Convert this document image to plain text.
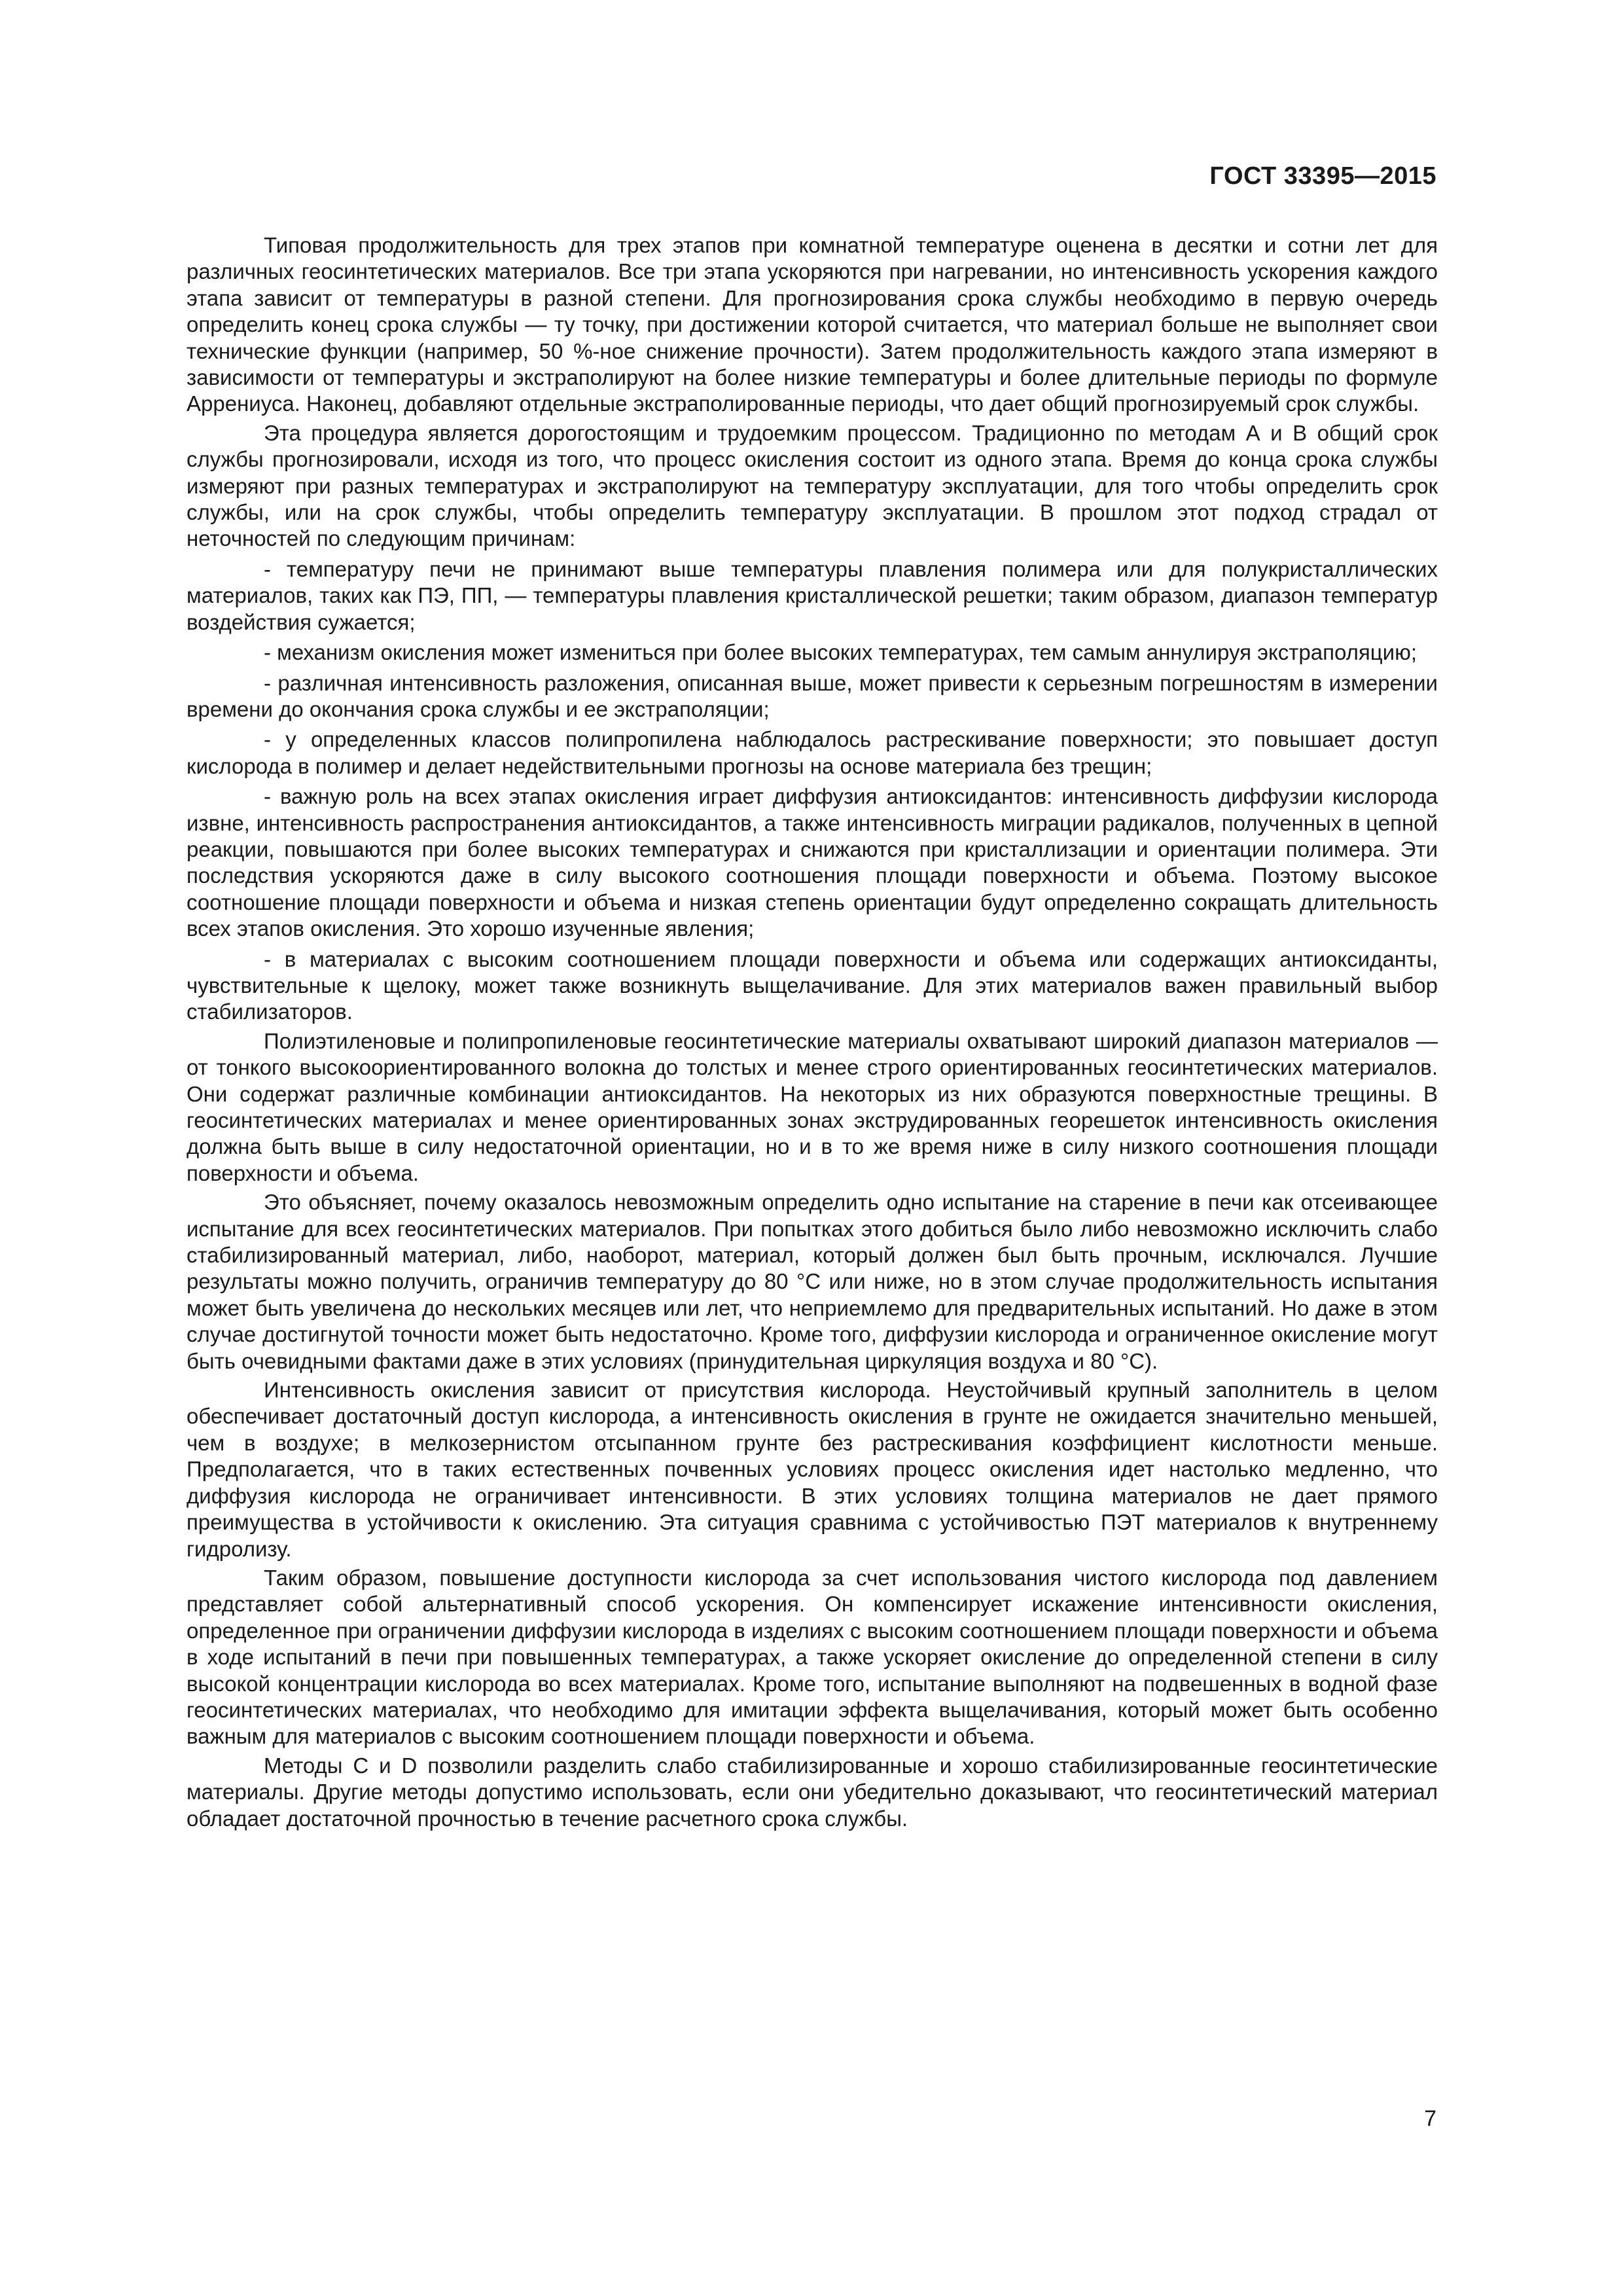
ГОСТ 33395—2015

Типовая продолжительность для трех этапов при комнатной температуре оценена в десятки и сотни лет для различных геосинтетических материалов. Все три этапа ускоряются при нагревании, но интенсивность ускорения каждого этапа зависит от температуры в разной степени. Для прогнозирования срока службы необходимо в первую очередь определить конец срока службы — ту точку, при достижении которой считается, что материал больше не выполняет свои технические функции (например, 50 %-ное снижение прочности). Затем продолжительность каждого этапа измеряют в зависимости от температуры и экстраполируют на более низкие температуры и более длительные периоды по формуле Аррениуса. Наконец, добавляют отдельные экстраполированные периоды, что дает общий прогнозируемый срок службы.

Эта процедура является дорогостоящим и трудоемким процессом. Традиционно по методам А и В общий срок службы прогнозировали, исходя из того, что процесс окисления состоит из одного этапа. Время до конца срока службы измеряют при разных температурах и экстраполируют на температуру эксплуатации, для того чтобы определить срок службы, или на срок службы, чтобы определить температуру эксплуатации. В прошлом этот подход страдал от неточностей по следующим причинам:

- температуру печи не принимают выше температуры плавления полимера или для полукристаллических материалов, таких как ПЭ, ПП, — температуры плавления кристаллической решетки; таким образом, диапазон температур воздействия сужается;

- механизм окисления может измениться при более высоких температурах, тем самым аннулируя экстраполяцию;

- различная интенсивность разложения, описанная выше, может привести к серьезным погрешностям в измерении времени до окончания срока службы и ее экстраполяции;

- у определенных классов полипропилена наблюдалось растрескивание поверхности; это повышает доступ кислорода в полимер и делает недействительными прогнозы на основе материала без трещин;

- важную роль на всех этапах окисления играет диффузия антиоксидантов: интенсивность диффузии кислорода извне, интенсивность распространения антиоксидантов, а также интенсивность миграции радикалов, полученных в цепной реакции, повышаются при более высоких температурах и снижаются при кристаллизации и ориентации полимера. Эти последствия ускоряются даже в силу высокого соотношения площади поверхности и объема. Поэтому высокое соотношение площади поверхности и объема и низкая степень ориентации будут определенно сокращать длительность всех этапов окисления. Это хорошо изученные явления;

- в материалах с высоким соотношением площади поверхности и объема или содержащих антиоксиданты, чувствительные к щелоку, может также возникнуть выщелачивание. Для этих материалов важен правильный выбор стабилизаторов.

Полиэтиленовые и полипропиленовые геосинтетические материалы охватывают широкий диапазон материалов — от тонкого высокоориентированного волокна до толстых и менее строго ориентированных геосинтетических материалов. Они содержат различные комбинации антиоксидантов. На некоторых из них образуются поверхностные трещины. В геосинтетических материалах и менее ориентированных зонах экструдированных георешеток интенсивность окисления должна быть выше в силу недостаточной ориентации, но и в то же время ниже в силу низкого соотношения площади поверхности и объема.

Это объясняет, почему оказалось невозможным определить одно испытание на старение в печи как отсеивающее испытание для всех геосинтетических материалов. При попытках этого добиться было либо невозможно исключить слабо стабилизированный материал, либо, наоборот, материал, который должен был быть прочным, исключался. Лучшие результаты можно получить, ограничив температуру до 80 °С или ниже, но в этом случае продолжительность испытания может быть увеличена до нескольких месяцев или лет, что неприемлемо для предварительных испытаний. Но даже в этом случае достигнутой точности может быть недостаточно. Кроме того, диффузии кислорода и ограниченное окисление могут быть очевидными фактами даже в этих условиях (принудительная циркуляция воздуха и 80 °С).

Интенсивность окисления зависит от присутствия кислорода. Неустойчивый крупный заполнитель в целом обеспечивает достаточный доступ кислорода, а интенсивность окисления в грунте не ожидается значительно меньшей, чем в воздухе; в мелкозернистом отсыпанном грунте без растрескивания коэффициент кислотности меньше. Предполагается, что в таких естественных почвенных условиях процесс окисления идет настолько медленно, что диффузия кислорода не ограничивает интенсивности. В этих условиях толщина материалов не дает прямого преимущества в устойчивости к окислению. Эта ситуация сравнима с устойчивостью ПЭТ материалов к внутреннему гидролизу.

Таким образом, повышение доступности кислорода за счет использования чистого кислорода под давлением представляет собой альтернативный способ ускорения. Он компенсирует искажение интенсивности окисления, определенное при ограничении диффузии кислорода в изделиях с высоким соотношением площади поверхности и объема в ходе испытаний в печи при повышенных температурах, а также ускоряет окисление до определенной степени в силу высокой концентрации кислорода во всех материалах. Кроме того, испытание выполняют на подвешенных в водной фазе геосинтетических материалах, что необходимо для имитации эффекта выщелачивания, который может быть особенно важным для материалов с высоким соотношением площади поверхности и объема.

Методы С и D позволили разделить слабо стабилизированные и хорошо стабилизированные геосинтетические материалы. Другие методы допустимо использовать, если они убедительно доказывают, что геосинтетический материал обладает достаточной прочностью в течение расчетного срока службы.

7
